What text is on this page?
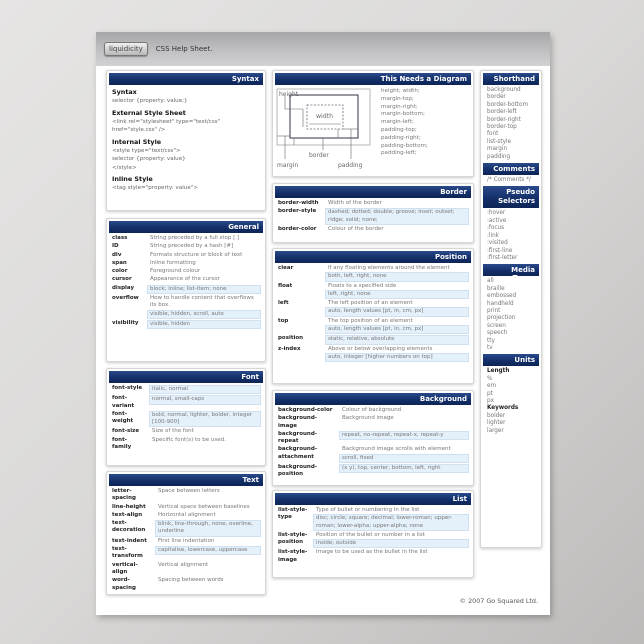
liquidicity	CSS Help Sheet.
Syntax
Syntax
selector {property: value;}
External Style Sheet
<link rel="stylesheet" type="text/css"
href="style.css" />
Internal Style
<style type="text/css">
selector {property: value}
</style>
Inline Style
<tag style="property: value">
General
class	String preceded by a full stop [.]

ID	String preceded by a hash [#]

div	Formats structure or block of text

span	Inline formatting

color	Foreground colour

cursor	Appearance of the cursor

display	block; inline; list-item; none

overflow	How to handle content that overflows its box.
visible, hidden, scroll, auto

visibility	visible, hidden
Font
font-style	italic, normal

font-variant	normal, small-caps

font-weight	bold, normal, lighter, bolder, integer [100-900]

font-size	Size of the font

font-family	Specific font(s) to be used.
Text
letter-spacing	Space between letters

line-height	Vertical space between baselines

text-align	Horizontal alignment

text-decoration	blink, line-through, none, overline, underline

text-indent	First line indentation

text-transform	capitalise, lowercase, uppercase

vertical-align	Vertical alignment

word-spacing	Spacing between words
This Needs a Diagram
height
width
border
margin	padding
height; width;
margin-top;
margin-right;
margin-bottom;
margin-left;
padding-top;
padding-right;
padding-bottom;
padding-left;
Border
border-width	Width of the border

border-style	dashed; dotted; double; groove; inset; outset; ridge; solid; none;

border-color	Colour of the border
Position
clear	If any floating elements around the element
both, left, right, none

float	Floats to a specified side
left, right, none

left	The left position of an element
auto, length values [pt, in, cm, px]

top	The top position of an element
auto, length values [pt, in, cm, px]

position	static, relative, absolute

z-index	Above or below overlapping elements
auto, integer [higher numbers on top]
Background
background-color	Colour of background

background-image	Background image

background-repeat	repeat, no-repeat, repeat-x, repeat-y

background-attachment	Background image scrolls with element
scroll, fixed

background-position	(x y), top, center, bottom, left, right
List
list-style-type	Type of bullet or numbering in the list
disc; circle; square; decimal; lower-roman; upper-roman; lower-alpha; upper-alpha; none

list-style-position	Position of the bullet or number in a list
inside; outside

list-style-image	Image to be used as the bullet in the list
Shorthand
background
border
border-bottom
border-left
border-right
border-top
font
list-style
margin
padding
Comments
/* Comments */
Pseudo
Selectors
:hover
:active
:focus
:link
:visited
:first-line
:first-letter
Media Types
all
braille
embossed
handheld
print
projection
screen
speech
tty
tv
Units
Length
%
em
pt
px
Keywords
bolder
lighter
larger
© 2007 Go Squared Ltd.
